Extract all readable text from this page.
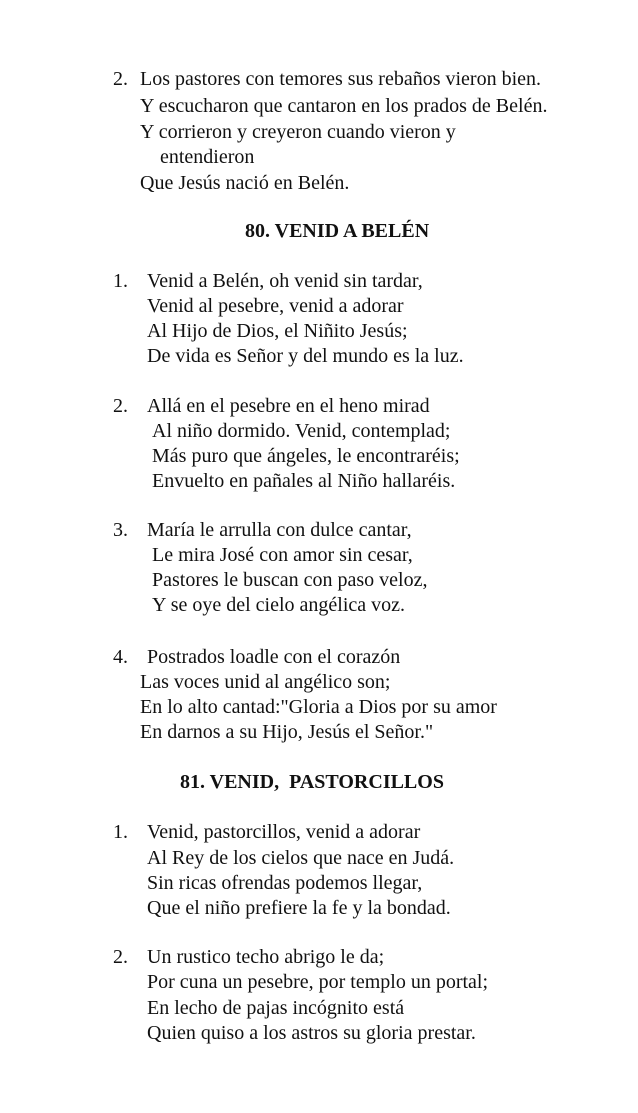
2. Los pastores con temores sus rebaños vieron bien.
Y escucharon que cantaron en los prados de Belén.
Y corrieron y creyeron cuando vieron y
entendieron
Que Jesús nació en Belén.
80. VENID A BELÉN
1. Venid a Belén, oh venid sin tardar,
Venid al pesebre, venid a adorar
Al Hijo de Dios, el Niñito Jesús;
De vida es Señor y del mundo es la luz.
2. Allá en el pesebre en el heno mirad
Al niño dormido. Venid, contemplad;
Más puro que ángeles, le encontraréis;
Envuelto en pañales al Niño hallaréis.
3. María le arrulla con dulce cantar,
Le mira José con amor sin cesar,
Pastores le buscan con paso veloz,
Y se oye del cielo angélica voz.
4. Postrados loadle con el corazón
Las voces unid al angélico son;
En lo alto cantad:"Gloria a Dios por su amor
En darnos a su Hijo, Jesús el Señor."
81. VENID,  PASTORCILLOS
1. Venid, pastorcillos, venid a adorar
Al Rey de los cielos que nace en Judá.
Sin ricas ofrendas podemos llegar,
Que el niño prefiere la fe y la bondad.
2. Un rustico techo abrigo le da;
Por cuna un pesebre, por templo un portal;
En lecho de pajas incógnito está
Quien quiso a los astros su gloria prestar.
